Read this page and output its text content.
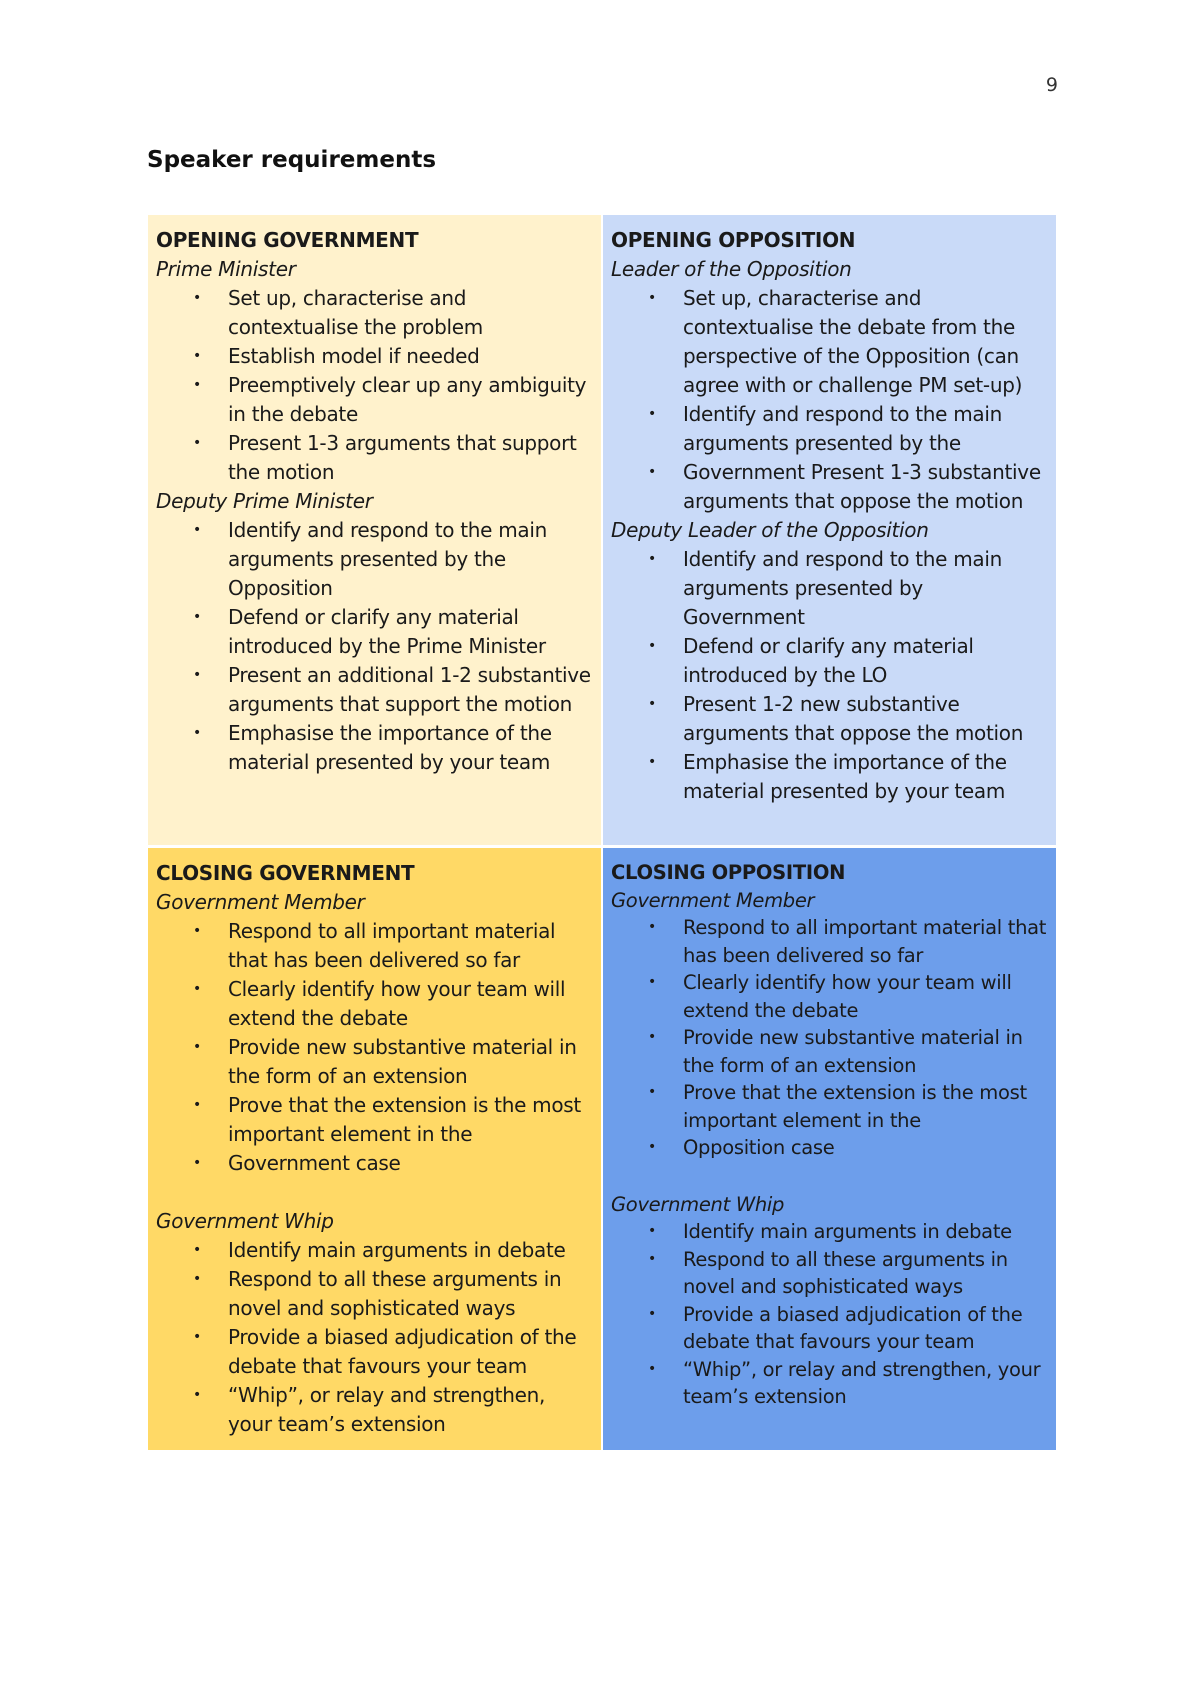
9
Speaker requirements

OPENING GOVERNMENT

Prime Minister

• Set up, characterise and contextualise the problem
• Establish model if needed
• Preemptively clear up any ambiguity in the debate
• Present 1-3 arguments that support the motion

Deputy Prime Minister

• Identify and respond to the main arguments presented by the Opposition
• Defend or clarify any material introduced by the Prime Minister
• Present an additional 1-2 substantive arguments that support the motion
• Emphasise the importance of the material presented by your team

OPENING OPPOSITION

Leader of the Opposition

• Set up, characterise and contextualise the debate from the perspective of the Opposition (can agree with or challenge PM set-up)
• Identify and respond to the main arguments presented by the
• Government Present 1-3 substantive arguments that oppose the motion

Deputy Leader of the Opposition

• Identify and respond to the main arguments presented by Government
• Defend or clarify any material introduced by the LO
• Present 1-2 new substantive arguments that oppose the motion
• Emphasise the importance of the material presented by your team

CLOSING GOVERNMENT

Government Member

• Respond to all important material that has been delivered so far
• Clearly identify how your team will extend the debate
• Provide new substantive material in the form of an extension
• Prove that the extension is the most important element in the
• Government case

Government Whip

• Identify main arguments in debate
• Respond to all these arguments in novel and sophisticated ways
• Provide a biased adjudication of the debate that favours your team
• “Whip”, or relay and strengthen, your team’s extension

CLOSING OPPOSITION

Government Member

• Respond to all important material that has been delivered so far
• Clearly identify how your team will extend the debate
• Provide new substantive material in the form of an extension
• Prove that the extension is the most important element in the
• Opposition case

Government Whip

• Identify main arguments in debate
• Respond to all these arguments in novel and sophisticated ways
• Provide a biased adjudication of the debate that favours your team
• “Whip”, or relay and strengthen, your team’s extension
